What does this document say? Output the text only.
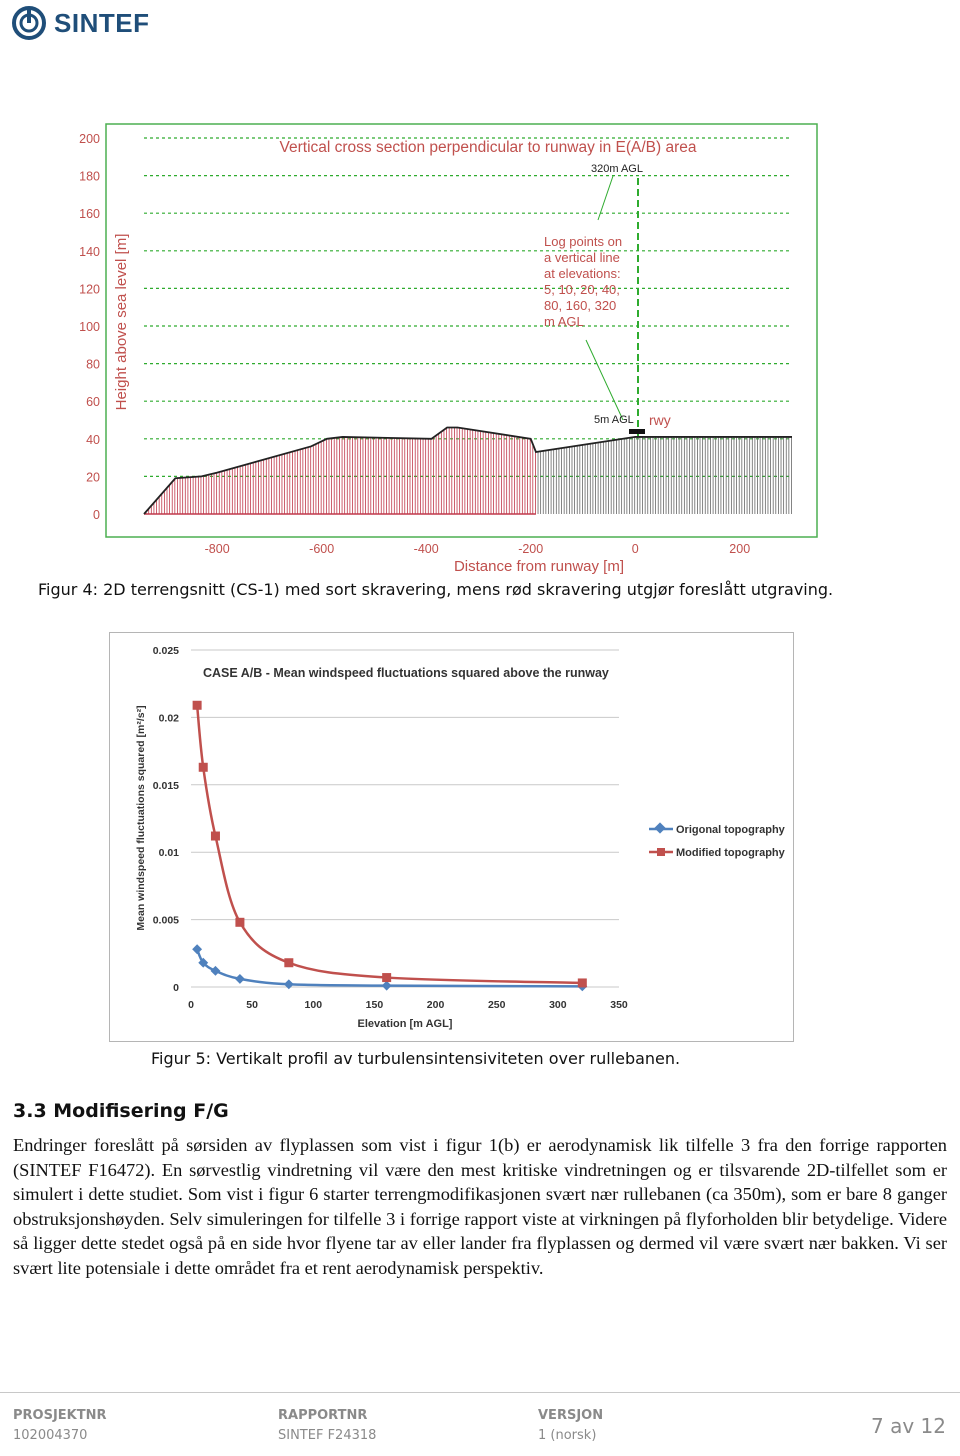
SINTEF
0
20
40
60
80
100
120
140
160
180
200
-800	-600	-400	-200	0	200
Vertical cross section perpendicular to runway in E(A/B) area
Distance from runway [m]
Height above sea level [m]
320m AGL
Log points on
a vertical line
at elevations:
5, 10, 20, 40,
80, 160, 320
m AGL
5m AGL rwy
Figur 4: 2D terrengsnitt (CS-1) med sort skravering, mens rød skravering utgjør foreslått utgraving.
0
0.005
0.01
0.015
0.02
0.025
0	50	100	150	200	250	300	350
CASE A/B - Mean windspeed fluctuations squared above the runway
Elevation [m AGL]
Mean windspeed fluctuations squared [m²/s²]	Origonal topography
Modified topography
Figur 5: Vertikalt profil av turbulensintensiviteten over rullebanen.
3.3 Modifisering F/G
Endringer foreslått på sørsiden av flyplassen som vist i figur 1(b) er aerodynamisk lik tilfelle 3 fra den forrige rapporten (SINTEF F16472). En sørvestlig vindretning vil være den mest kritiske vindretningen og er tilsvarende 2D-tilfellet som er simulert i dette studiet. Som vist i figur 6 starter terrengmodifikasjonen svært nær rullebanen (ca 350m), som er bare 8 ganger obstruksjonshøyden. Selv simuleringen for tilfelle 3 i forrige rapport viste at virkningen på flyforholden blir betydelige. Videre så ligger dette stedet også på en side hvor flyene tar av eller lander fra flyplassen og dermed vil være svært nær bakken. Vi ser svært lite potensiale i dette området fra et rent aerodynamisk perspektiv.
PROSJEKTNR
102004370
RAPPORTNR
SINTEF F24318
VERSJON
1 (norsk)	7 av 12
